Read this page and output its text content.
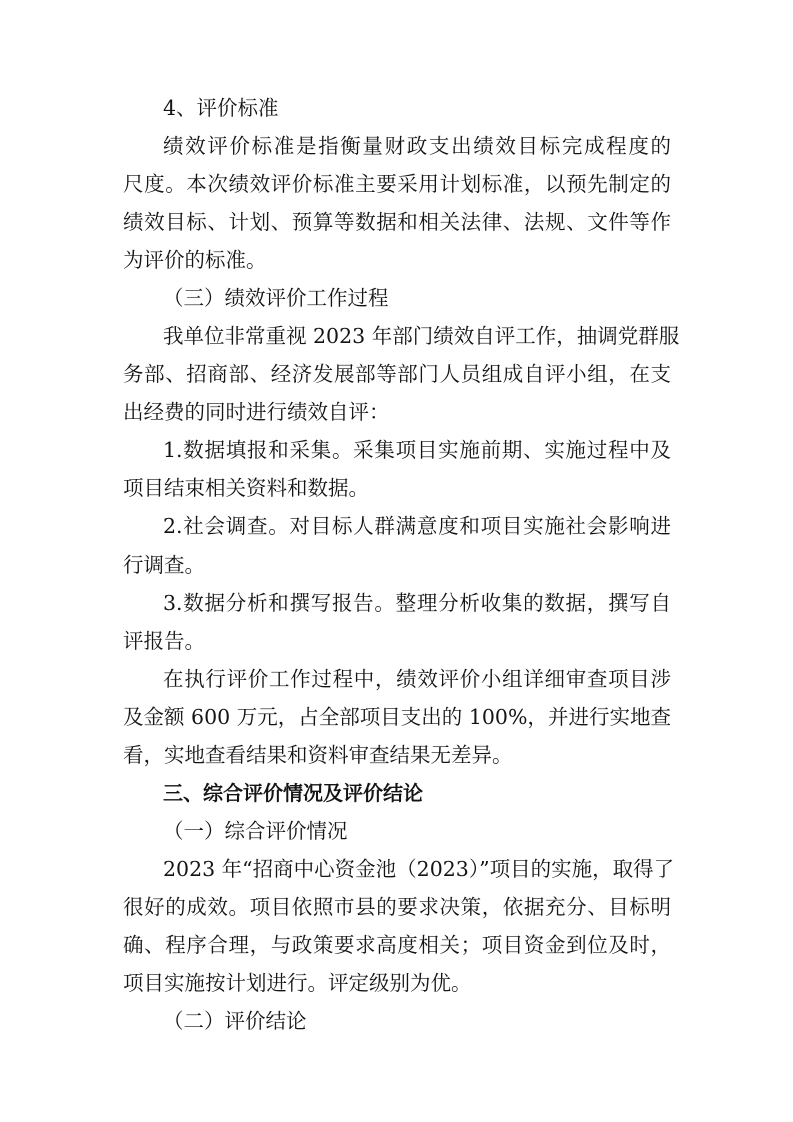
4、评价标准

绩效评价标准是指衡量财政支出绩效目标完成程度的

尺度。本次绩效评价标准主要采用计划标准，以预先制定的

绩效目标、计划、预算等数据和相关法律、法规、文件等作

为评价的标准。

（三）绩效评价工作过程

我单位非常重视 2023 年部门绩效自评工作，抽调党群服

务部、招商部、经济发展部等部门人员组成自评小组，在支

出经费的同时进行绩效自评：

1.数据填报和采集。采集项目实施前期、实施过程中及

项目结束相关资料和数据。

2.社会调查。对目标人群满意度和项目实施社会影响进

行调查。

3.数据分析和撰写报告。整理分析收集的数据，撰写自

评报告。

在执行评价工作过程中，绩效评价小组详细审查项目涉

及金额 600 万元，占全部项目支出的 100%，并进行实地查

看，实地查看结果和资料审查结果无差异。

三、综合评价情况及评价结论

（一）综合评价情况

2023 年“招商中心资金池（2023）”项目的实施，取得了

很好的成效。项目依照市县的要求决策，依据充分、目标明

确、程序合理，与政策要求高度相关；项目资金到位及时，

项目实施按计划进行。评定级别为优。

（二）评价结论
